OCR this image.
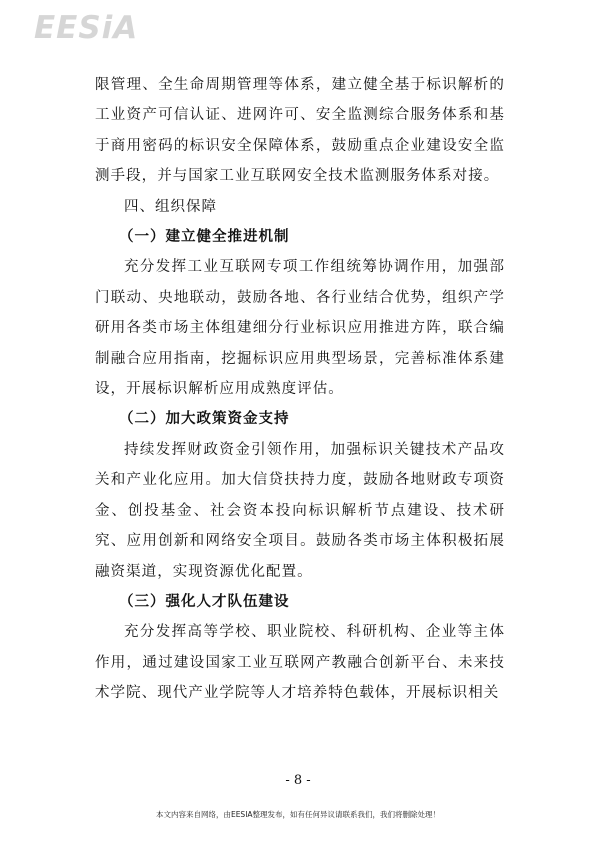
EESiA

限管理、全生命周期管理等体系，建立健全基于标识解析的工业资产可信认证、进网许可、安全监测综合服务体系和基于商用密码的标识安全保障体系，鼓励重点企业建设安全监测手段，并与国家工业互联网安全技术监测服务体系对接。

四、组织保障

（一）建立健全推进机制

充分发挥工业互联网专项工作组统筹协调作用，加强部门联动、央地联动，鼓励各地、各行业结合优势，组织产学研用各类市场主体组建细分行业标识应用推进方阵，联合编制融合应用指南，挖掘标识应用典型场景，完善标准体系建设，开展标识解析应用成熟度评估。

（二）加大政策资金支持

持续发挥财政资金引领作用，加强标识关键技术产品攻关和产业化应用。加大信贷扶持力度，鼓励各地财政专项资金、创投基金、社会资本投向标识解析节点建设、技术研究、应用创新和网络安全项目。鼓励各类市场主体积极拓展融资渠道，实现资源优化配置。

（三）强化人才队伍建设

充分发挥高等学校、职业院校、科研机构、企业等主体作用，通过建设国家工业互联网产教融合创新平台、未来技术学院、现代产业学院等人才培养特色载体，开展标识相关

- 8 -
本文内容来自网络，由EESIA整理发布，如有任何异议请联系我们，我们将删除处理！
